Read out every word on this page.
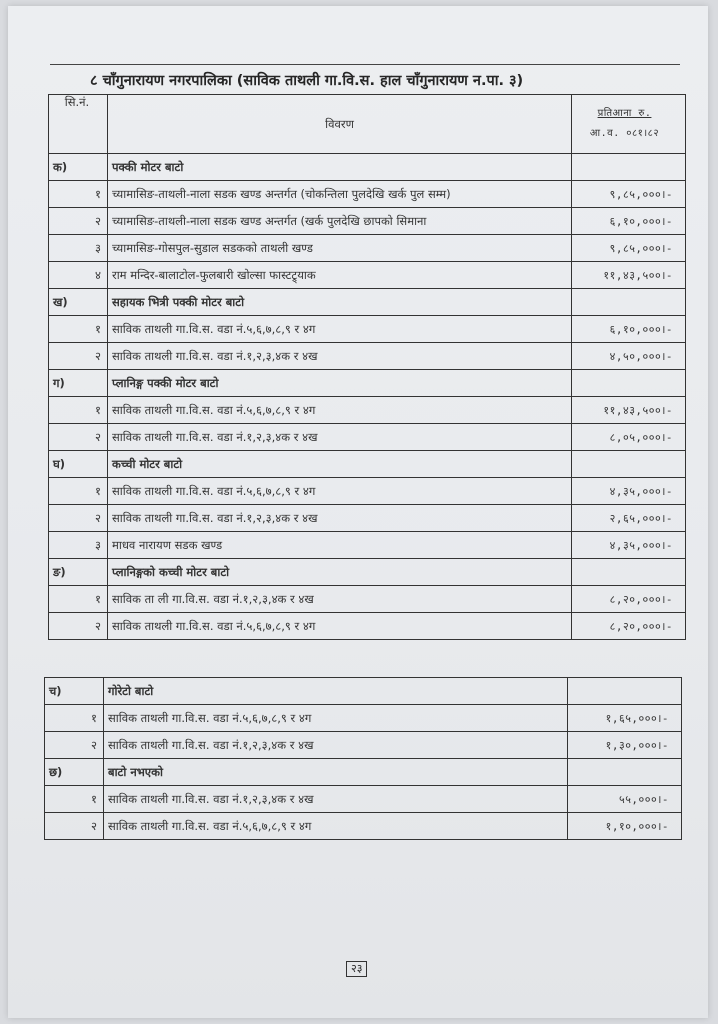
८ चाँगुनारायण नगरपालिका (साविक ताथली गा.वि.स. हाल चाँगुनारायण न.पा. ३)
सि.नं.	विवरण	प्रतिआना रु.
आ.व. ०८१।८२
क)	पक्की मोटर बाटो	
१	च्यामासिङ-ताथली-नाला सडक खण्ड अन्तर्गत (चोकन्तिला पुलदेखि खर्क पुल सम्म)	९,८५,०००।-
२	च्यामासिङ-ताथली-नाला सडक खण्ड अन्तर्गत (खर्क पुलदेखि छापको सिमाना	६,१०,०००।-
३	च्यामासिङ-गोसपुल-सुडाल सडकको ताथली खण्ड	९,८५,०००।-
४	राम मन्दिर-बालाटोल-फुलबारी खोल्सा फास्टट्र्याक	११,४३,५००।-
ख)	सहायक भित्री पक्की मोटर बाटो	
१	साविक ताथली गा.वि.स. वडा नं.५,६,७,८,९ र ४ग	६,१०,०००।-
२	साविक ताथली गा.वि.स. वडा नं.१,२,३,४क र ४ख	४,५०,०००।-
ग)	प्लानिङ्ग पक्की मोटर बाटो	
१	साविक ताथली गा.वि.स. वडा नं.५,६,७,८,९ र ४ग	११,४३,५००।-
२	साविक ताथली गा.वि.स. वडा नं.१,२,३,४क र ४ख	८,०५,०००।-
घ)	कच्ची मोटर बाटो	
१	साविक ताथली गा.वि.स. वडा नं.५,६,७,८,९ र ४ग	४,३५,०००।-
२	साविक ताथली गा.वि.स. वडा नं.१,२,३,४क र ४ख	२,६५,०००।-
३	माधव नारायण सडक खण्ड	४,३५,०००।-
ङ)	प्लानिङ्गको कच्ची मोटर बाटो	
१	साविक ता ली गा.वि.स. वडा नं.१,२,३,४क र ४ख	८,२०,०००।-
२	साविक ताथली गा.वि.स. वडा नं.५,६,७,८,९ र ४ग	८,२०,०००।-
च)	गोरेटो बाटो	
१	साविक ताथली गा.वि.स. वडा नं.५,६,७,८,९ र ४ग	१,६५,०००।-
२	साविक ताथली गा.वि.स. वडा नं.१,२,३,४क र ४ख	१,३०,०००।-
छ)	बाटो नभएको	
१	साविक ताथली गा.वि.स. वडा नं.१,२,३,४क र ४ख	५५,०००।-
२	साविक ताथली गा.वि.स. वडा नं.५,६,७,८,९ र ४ग	१,१०,०००।-
२३
